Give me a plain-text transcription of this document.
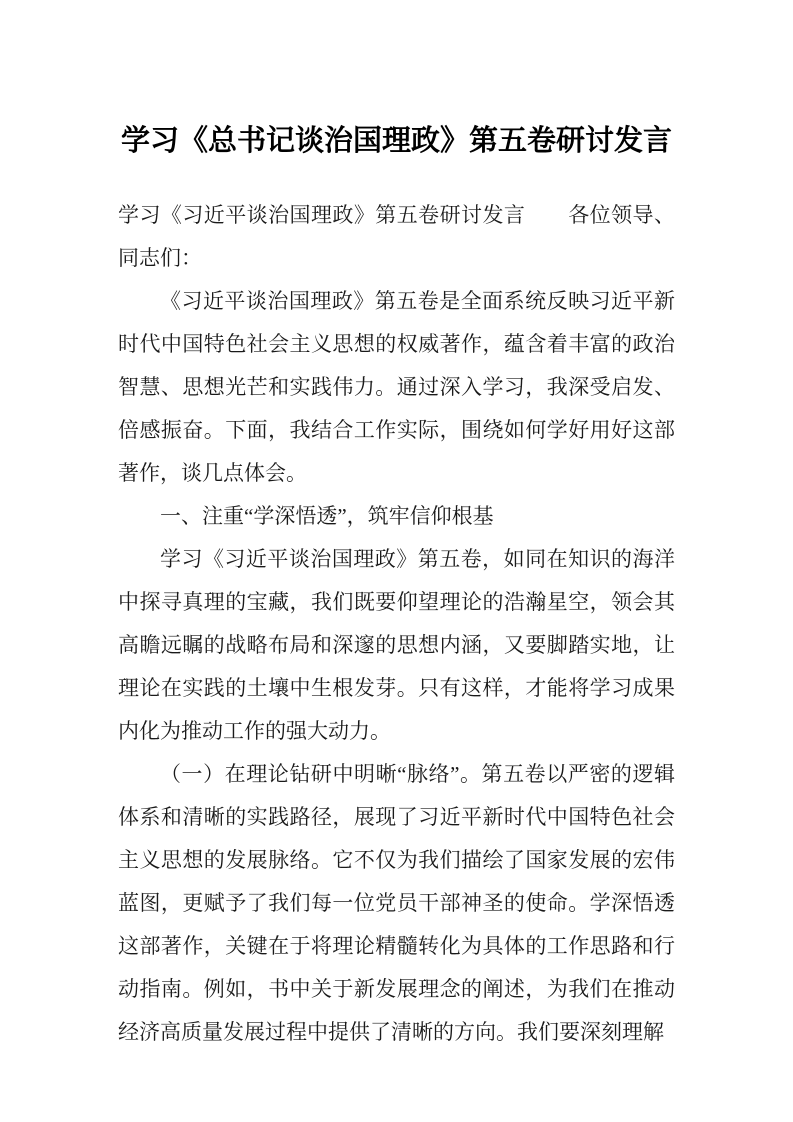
学习《总书记谈治国理政》第五卷研讨发言

学习《习近平谈治国理政》第五卷研讨发言　　各位领导、同志们：

《习近平谈治国理政》第五卷是全面系统反映习近平新时代中国特色社会主义思想的权威著作，蕴含着丰富的政治智慧、思想光芒和实践伟力。通过深入学习，我深受启发、倍感振奋。下面，我结合工作实际，围绕如何学好用好这部著作，谈几点体会。

一、注重“学深悟透”，筑牢信仰根基

学习《习近平谈治国理政》第五卷，如同在知识的海洋中探寻真理的宝藏，我们既要仰望理论的浩瀚星空，领会其高瞻远瞩的战略布局和深邃的思想内涵，又要脚踏实地，让理论在实践的土壤中生根发芽。只有这样，才能将学习成果内化为推动工作的强大动力。

（一）在理论钻研中明晰“脉络”。第五卷以严密的逻辑体系和清晰的实践路径，展现了习近平新时代中国特色社会主义思想的发展脉络。它不仅为我们描绘了国家发展的宏伟蓝图，更赋予了我们每一位党员干部神圣的使命。学深悟透这部著作，关键在于将理论精髓转化为具体的工作思路和行动指南。例如，书中关于新发展理念的阐述，为我们在推动经济高质量发展过程中提供了清晰的方向。我们要深刻理解
